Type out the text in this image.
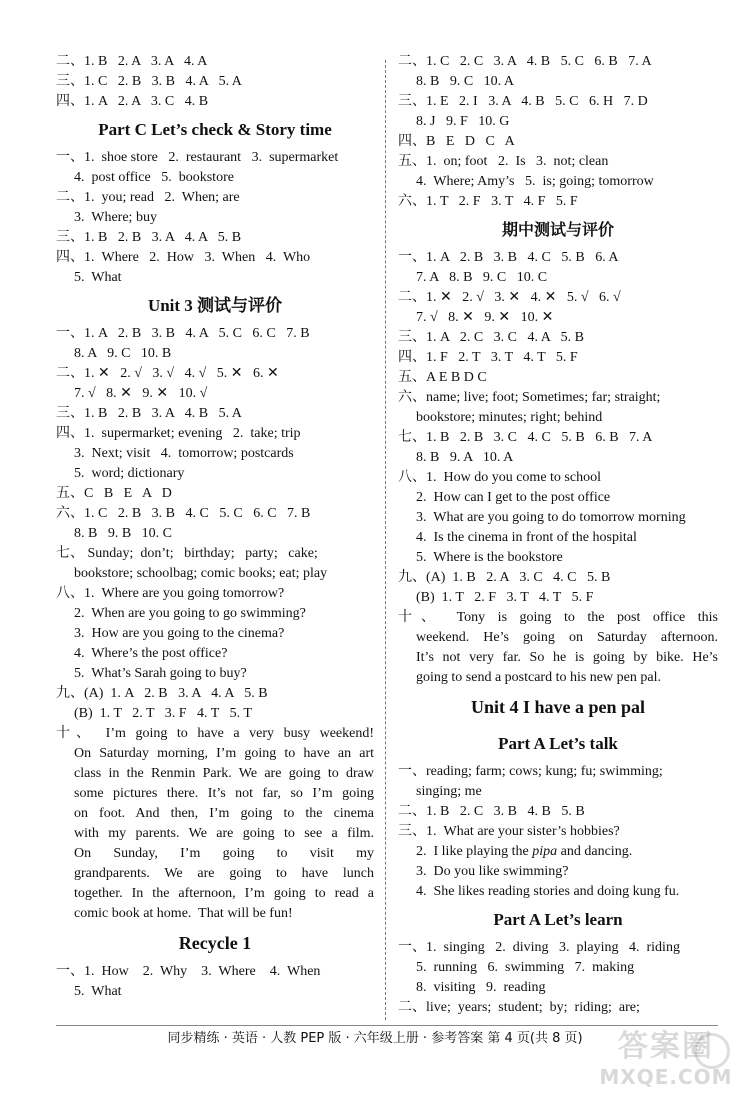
二、1. B   2. A   3. A   4. A
三、1. C   2. B   3. B   4. A   5. A
四、1. A   2. A   3. C   4. B
Part C Let’s check & Story time
一、1.  shoe store   2.  restaurant   3.  supermarket
4.  post office   5.  bookstore
二、1.  you; read   2.  When; are
3.  Where; buy
三、1. B   2. B   3. A   4. A   5. B
四、1.  Where   2.  How   3.  When   4.  Who
5.  What
Unit 3 测试与评价
一、1. A   2. B   3. B   4. A   5. C   6. C   7. B
8. A   9. C   10. B
二、1. ✕   2. √   3. √   4. √   5. ✕   6. ✕
7. √   8. ✕   9. ✕   10. √
三、1. B   2. B   3. A   4. B   5. A
四、1.  supermarket; evening   2.  take; trip
3.  Next; visit   4.  tomorrow; postcards
5.  word; dictionary
五、C   B   E   A   D
六、1. C   2. B   3. B   4. C   5. C   6. C   7. B
8. B   9. B   10. C
七、 Sunday;  don’t;   birthday;   party;   cake;
bookstore; schoolbag; comic books; eat; play
八、1.  Where are you going tomorrow?
2.  When are you going to go swimming?
3.  How are you going to the cinema?
4.  Where’s the post office?
5.  What’s Sarah going to buy?
九、(A)  1. A   2. B   3. A   4. A   5. B
(B)  1. T   2. T   3. F   4. T   5. T
十、 I’m going to have a very busy weekend!
On Saturday morning, I’m going to have an art
class in the Renmin Park. We are going to draw
some pictures there. It’s not far, so I’m going
on foot. And then, I’m going to the cinema
with my parents. We are going to see a film.
On Sunday, I’m going to visit my
grandparents. We are going to have lunch
together. In the afternoon, I’m going to read a
comic book at home.  That will be fun!
Recycle 1
一、1.  How    2.  Why    3.  Where    4.  When
5.  What
二、1. C   2. C   3. A   4. B   5. C   6. B   7. A
8. B   9. C   10. A
三、1. E   2. I   3. A   4. B   5. C   6. H   7. D
8. J   9. F   10. G
四、B   E   D   C   A
五、1.  on; foot   2.  Is   3.  not; clean
4.  Where; Amy’s   5.  is; going; tomorrow
六、1. T   2. F   3. T   4. F   5. F
期中测试与评价
一、1. A   2. B   3. B   4. C   5. B   6. A
7. A   8. B   9. C   10. C
二、1. ✕   2. √   3. ✕   4. ✕   5. √   6. √
7. √   8. ✕   9. ✕   10. ✕
三、1. A   2. C   3. C   4. A   5. B
四、1. F   2. T   3. T   4. T   5. F
五、A E B D C
六、name; live; foot; Sometimes; far; straight;
bookstore; minutes; right; behind
七、1. B   2. B   3. C   4. C   5. B   6. B   7. A
8. B   9. A   10. A
八、1.  How do you come to school
2.  How can I get to the post office
3.  What are you going to do tomorrow morning
4.  Is the cinema in front of the hospital
5.  Where is the bookstore
九、(A)  1. B   2. A   3. C   4. C   5. B
(B)  1. T   2. F   3. T   4. T   5. F
十、 Tony is going to the post office this
weekend. He’s going on Saturday afternoon.
It’s not very far. So he is going by bike. He’s
going to send a postcard to his new pen pal.
Unit 4 I have a pen pal
Part A Let’s talk
一、reading; farm; cows; kung; fu; swimming;
singing; me
二、1. B   2. C   3. B   4. B   5. B
三、1.  What are your sister’s hobbies?
2.  I like playing the pipa and dancing.
3.  Do you like swimming?
4.  She likes reading stories and doing kung fu.
Part A Let’s learn
一、1.  singing   2.  diving   3.  playing   4.  riding
5.  running   6.  swimming   7.  making
8.  visiting   9.  reading
二、live;  years;  student;  by;  riding;  are;
同步精练 · 英语 · 人教 PEP 版 · 六年级上册 · 参考答案 第 4 页(共 8 页)	答案圈
MXQE.COM
